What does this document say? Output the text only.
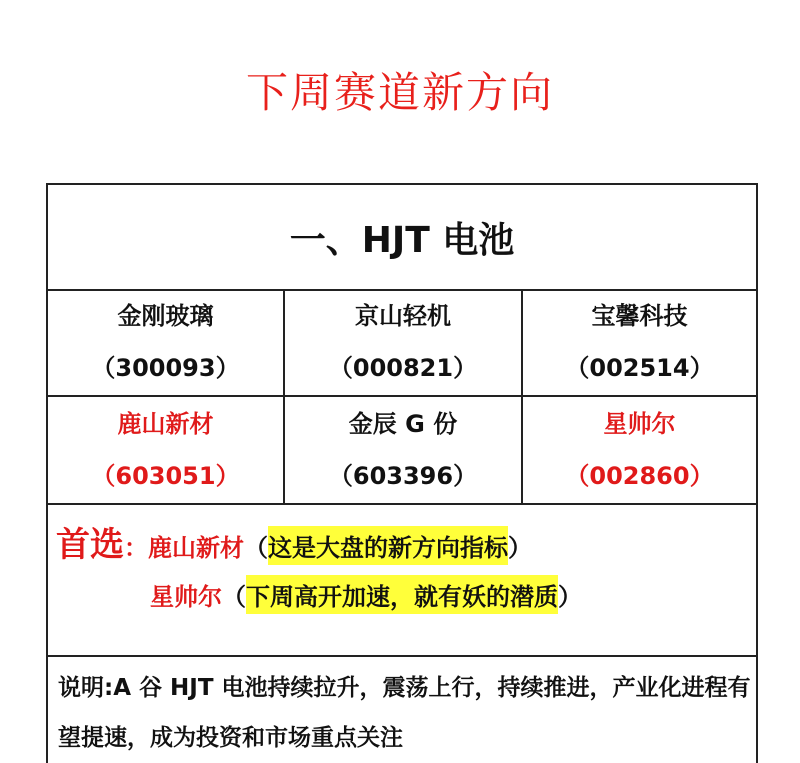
下周赛道新方向
一、HJT 电池
金刚玻璃
（300093）
京山轻机
（000821）
宝馨科技
（002514）
鹿山新材
（603051）
金辰 G 份
（603396）
星帅尔
（002860）
首选 ： 鹿山新材 （ 这是大盘的新方向指标 ）
星帅尔 （ 下周高开加速，就有妖的潜质 ）
说明:A 谷 HJT 电池持续拉升，震荡上行，持续推进，产业化进程有望提速，成为投资和市场重点关注
